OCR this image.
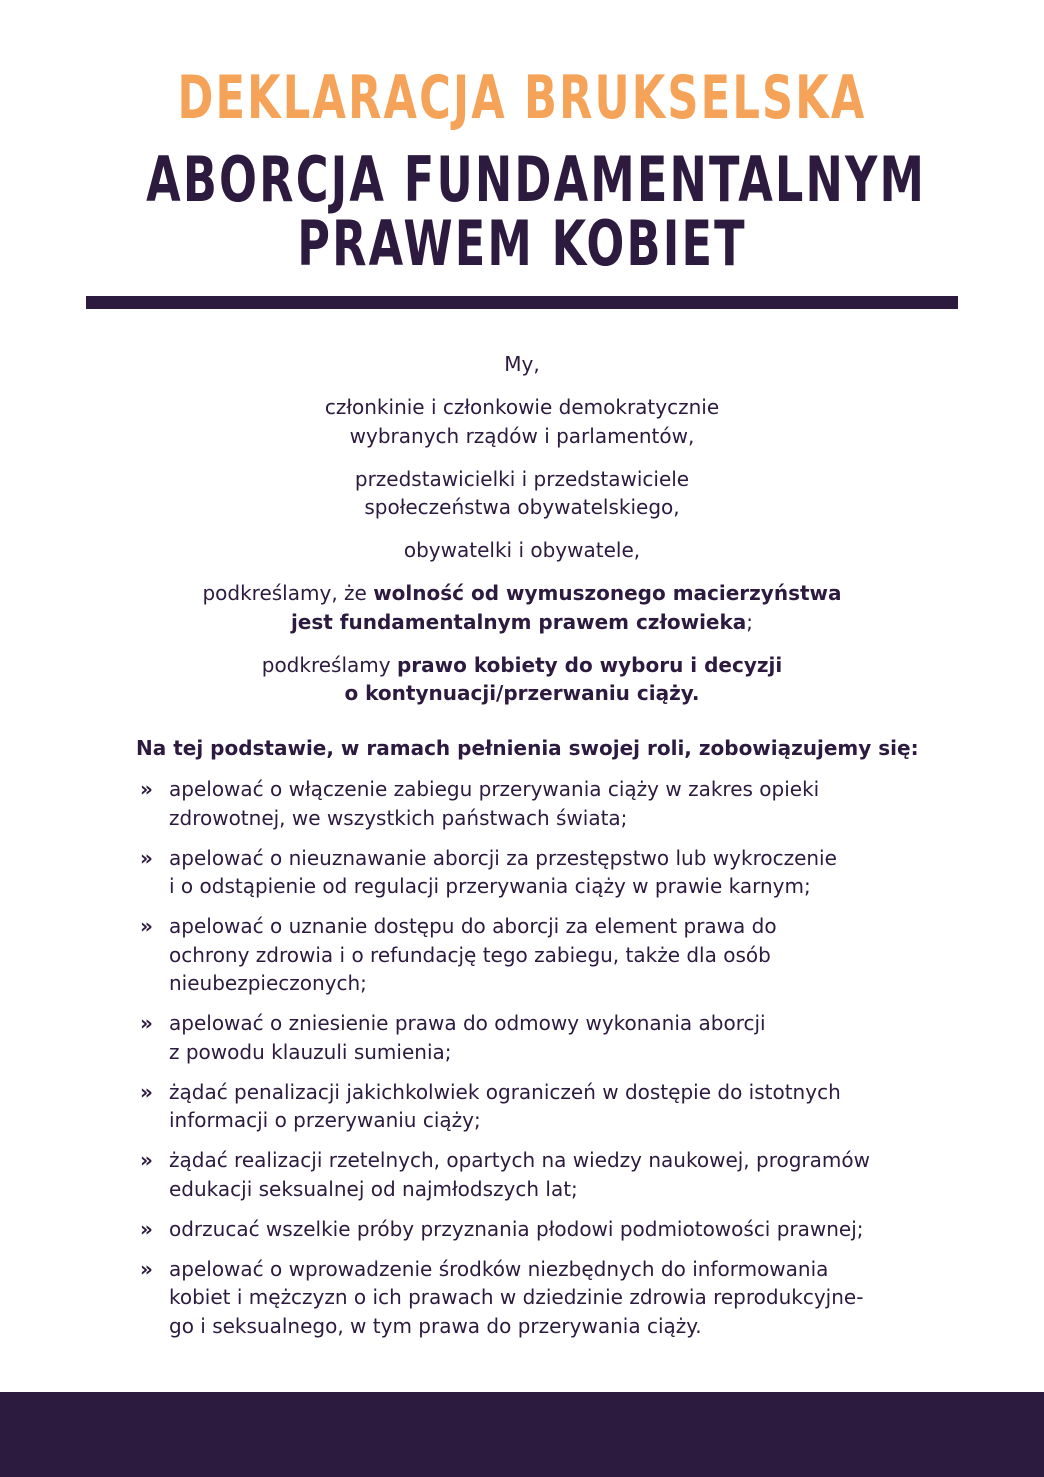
DEKLARACJA BRUKSELSKA
ABORCJA FUNDAMENTALNYM
PRAWEM KOBIET

My,

członkinie i członkowie demokratycznie
wybranych rządów i parlamentów,

przedstawicielki i przedstawiciele
społeczeństwa obywatelskiego,

obywatelki i obywatele,

podkreślamy, że wolność od wymuszonego macierzyństwa
jest fundamentalnym prawem człowieka;

podkreślamy prawo kobiety do wyboru i decyzji
o kontynuacji/przerwaniu ciąży.

Na tej podstawie, w ramach pełnienia swojej roli, zobowiązujemy się:
» apelować o włączenie zabiegu przerywania ciąży w zakres opieki
zdrowotnej, we wszystkich państwach świata;
» apelować o nieuznawanie aborcji za przestępstwo lub wykroczenie
i o odstąpienie od regulacji przerywania ciąży w prawie karnym;
» apelować o uznanie dostępu do aborcji za element prawa do
ochrony zdrowia i o refundację tego zabiegu, także dla osób
nieubezpieczonych;
» apelować o zniesienie prawa do odmowy wykonania aborcji
z powodu klauzuli sumienia;
» żądać penalizacji jakichkolwiek ograniczeń w dostępie do istotnych
informacji o przerywaniu ciąży;
» żądać realizacji rzetelnych, opartych na wiedzy naukowej, programów
edukacji seksualnej od najmłodszych lat;
» odrzucać wszelkie próby przyznania płodowi podmiotowości prawnej;
» apelować o wprowadzenie środków niezbędnych do informowania
kobiet i mężczyzn o ich prawach w dziedzinie zdrowia reprodukcyjne-
go i seksualnego, w tym prawa do przerywania ciąży.
